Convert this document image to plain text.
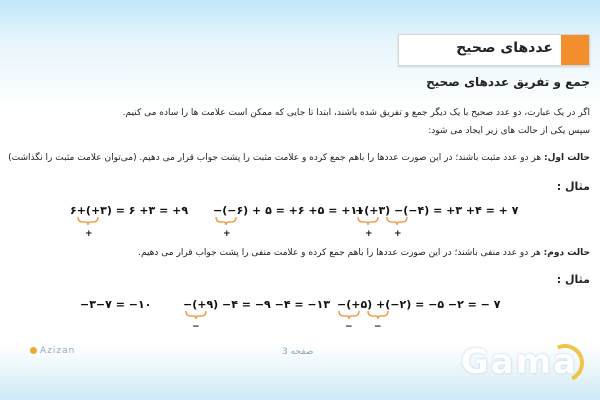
عددهای صحیح
جمع و تفریق عددهای صحیح
اگر در یک عبارت، دو عدد صحیح با یک دیگر جمع و تفریق شده باشند، ابتدا تا جایی که ممکن است علامت ها را ساده می کنیم.
سپس یکی از حالت های زیر ایجاد می شود:
حالت اول: هر دو عدد مثبت باشند؛ در این صورت عددها را باهم جمع کرده و علامت مثبت را پشت جواب قرار می دهیم. (می‌توان علامت مثبت را نگذاشت)
مثال :
۶+(+۳) = ۶ +۳ = +۹ −(−۶) + ۵ = +۶ +۵ = +۱۱
+(+۳) −(−۴) = +۳ +۴ = + ۷
+	+	+ +
حالت دوم: هر دو عدد منفی باشند؛ در این صورت عددها را باهم جمع کرده و علامت منفی را پشت جواب قرار می دهیم.
مثال :
−۳−۷ = −۱۰	−(+۹) −۴ = −۹ −۴ = −۱۳ −(+۵) +(−۲) = −۵ −۲ = − ۷
−	− −
Azizan	صفحه 3	Gama
